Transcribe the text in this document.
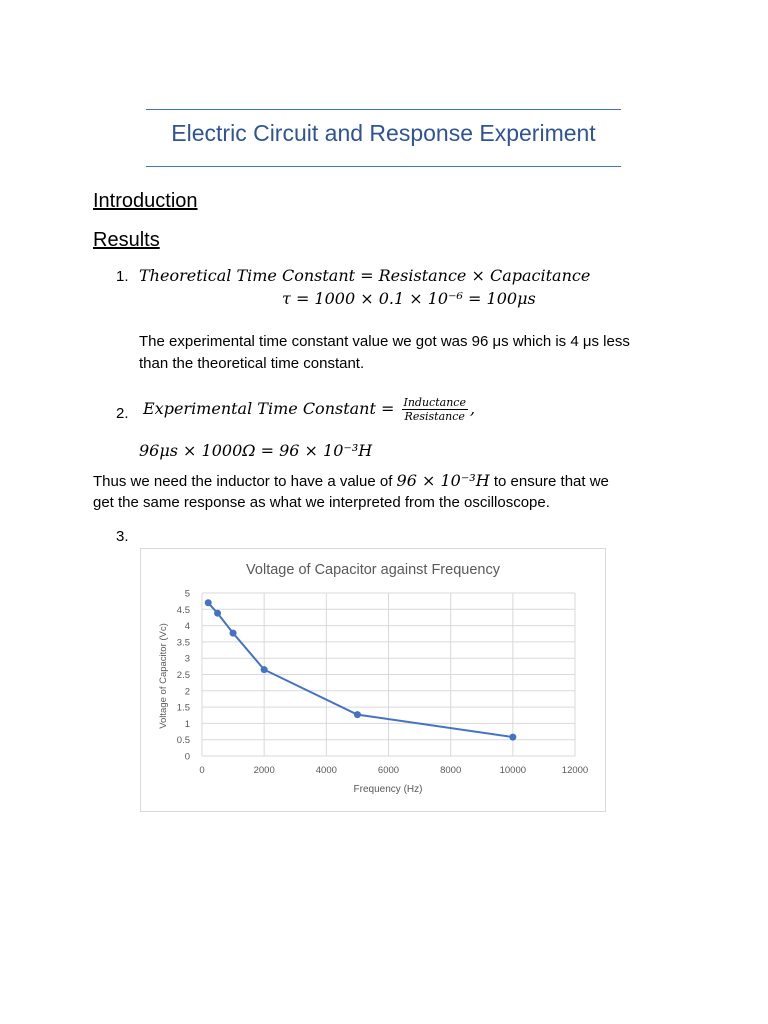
Electric Circuit and Response Experiment
Introduction
Results
1. Theoretical Time Constant = Resistance × Capacitance
τ = 1000 × 0.1 × 10⁻⁶ = 100μs
The experimental time constant value we got was 96 μs which is 4 μs less
than the theoretical time constant.
2. Experimental Time Constant = $\frac{\text{Inductance}}{\text{Resistance}}$ ,
96μs × 1000Ω = 96 × 10⁻³H
Thus we need the inductor to have a value of 96 × 10⁻³H to ensure that we
get the same response as what we interpreted from the oscilloscope.
3.
Voltage of Capacitor against Frequency
0
0.5
1
1.5
2
2.5
3
3.5
4
4.5
5
0	2000	4000	6000	8000	10000	12000
Frequency (Hz)
Voltage of Capacitor (Vc)
